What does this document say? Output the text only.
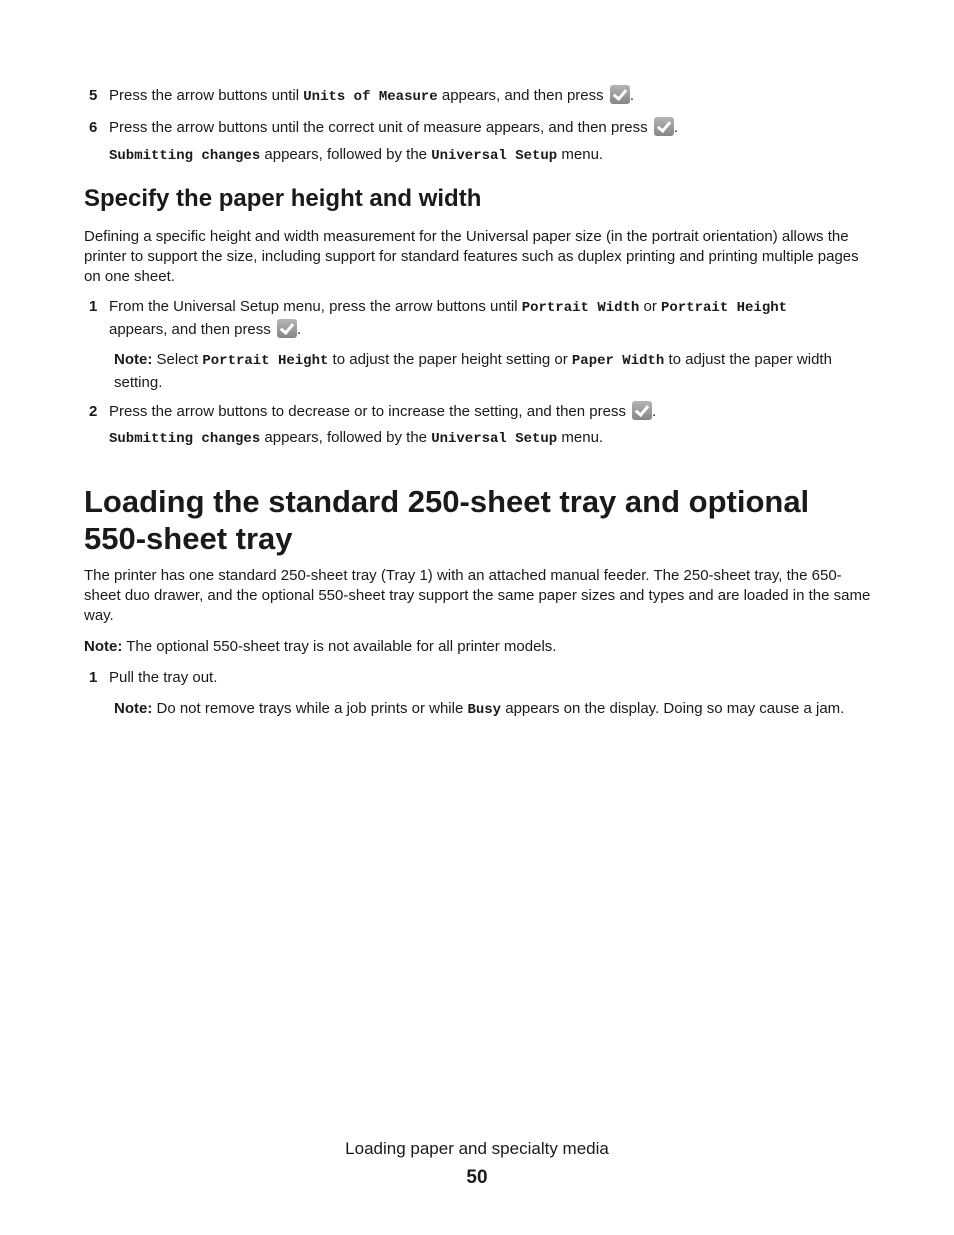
5 Press the arrow buttons until Units of Measure appears, and then press .
6 Press the arrow buttons until the correct unit of measure appears, and then press .
Submitting changes appears, followed by the Universal Setup menu.
Specify the paper height and width
Defining a specific height and width measurement for the Universal paper size (in the portrait orientation) allows the printer to support the size, including support for standard features such as duplex printing and printing multiple pages on one sheet.
1 From the Universal Setup menu, press the arrow buttons until Portrait Width or Portrait Height
appears, and then press .
Note: Select Portrait Height to adjust the paper height setting or Paper Width to adjust the paper width setting.
2 Press the arrow buttons to decrease or to increase the setting, and then press .
Submitting changes appears, followed by the Universal Setup menu.
Loading the standard 250-sheet tray and optional 550-sheet tray
The printer has one standard 250-sheet tray (Tray 1) with an attached manual feeder. The 250-sheet tray, the 650-sheet duo drawer, and the optional 550-sheet tray support the same paper sizes and types and are loaded in the same way.
Note: The optional 550-sheet tray is not available for all printer models.
1 Pull the tray out.
Note: Do not remove trays while a job prints or while Busy appears on the display. Doing so may cause a jam.
Loading paper and specialty media
50
